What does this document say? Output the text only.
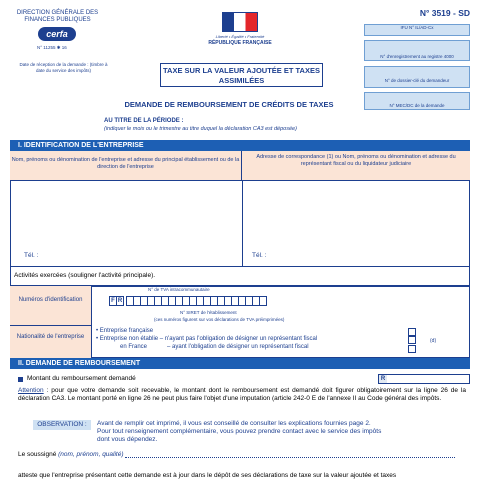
DIRECTION GÉNÉRALE DES FINANCES PUBLIQUES
cerfa
N° 11255 ✱ 16
Date de réception de la demande : (timbre à date du service des impôts)
Liberté • Égalité • Fraternité
RÉPUBLIQUE FRANÇAISE
TAXE SUR LA VALEUR AJOUTÉE ET TAXES ASSIMILÉES
N° 3519 - SD
IFU N° IL/AD-Cx
N° d'enregistrement au registre 4000
N° de dossier-clé du demandeur
N° MEC/DC de la demande
DEMANDE DE REMBOURSEMENT DE CRÉDITS DE TAXES
AU TITRE DE LA PÉRIODE :
(indiquer le mois ou le trimestre au titre duquel la déclaration CA3 est déposée)
I. IDENTIFICATION DE L'ENTREPRISE
Nom, prénoms ou dénomination de l'entreprise et adresse du principal établissement ou de la direction de l'entreprise
Adresse de correspondance (1) ou Nom, prénoms ou dénomination et adresse du représentant fiscal ou du liquidateur judiciaire
Tél. :	Tél. :
Activités exercées (souligner l'activité principale).
Numéros d'identification
Nationalité de l'entreprise
N° de TVA intracommunautaire
F R
N° SIRET de l'établissement
(ces numéros figurent sur vos déclarations de TVA préimprimées)
• Entreprise française
• Entreprise non établie – n'ayant pas l'obligation de désigner un représentant fiscal
en France	– ayant l'obligation de désigner un représentant fiscal
(d)
II. DEMANDE DE REMBOURSEMENT
Montant du remboursement demandé	R
Attention : pour que votre demande soit recevable, le montant dont le remboursement est demandé doit figurer obligatoirement sur la ligne 26 de la déclaration CA3. Le montant porté en ligne 26 ne peut plus faire l'objet d'une imputation (article 242-0 E de l'annexe II au Code général des impôts.
OBSERVATION :	Avant de remplir cet imprimé, il vous est conseillé de consulter les explications fournies page 2.
Pour tout renseignement complémentaire, vous pouvez prendre contact avec le service des impôts
dont vous dépendez.
Le soussigné (nom, prénom, qualité)
atteste que l'entreprise présentant cette demande est à jour dans le dépôt de ses déclarations de taxe sur la valeur ajoutée et taxes
